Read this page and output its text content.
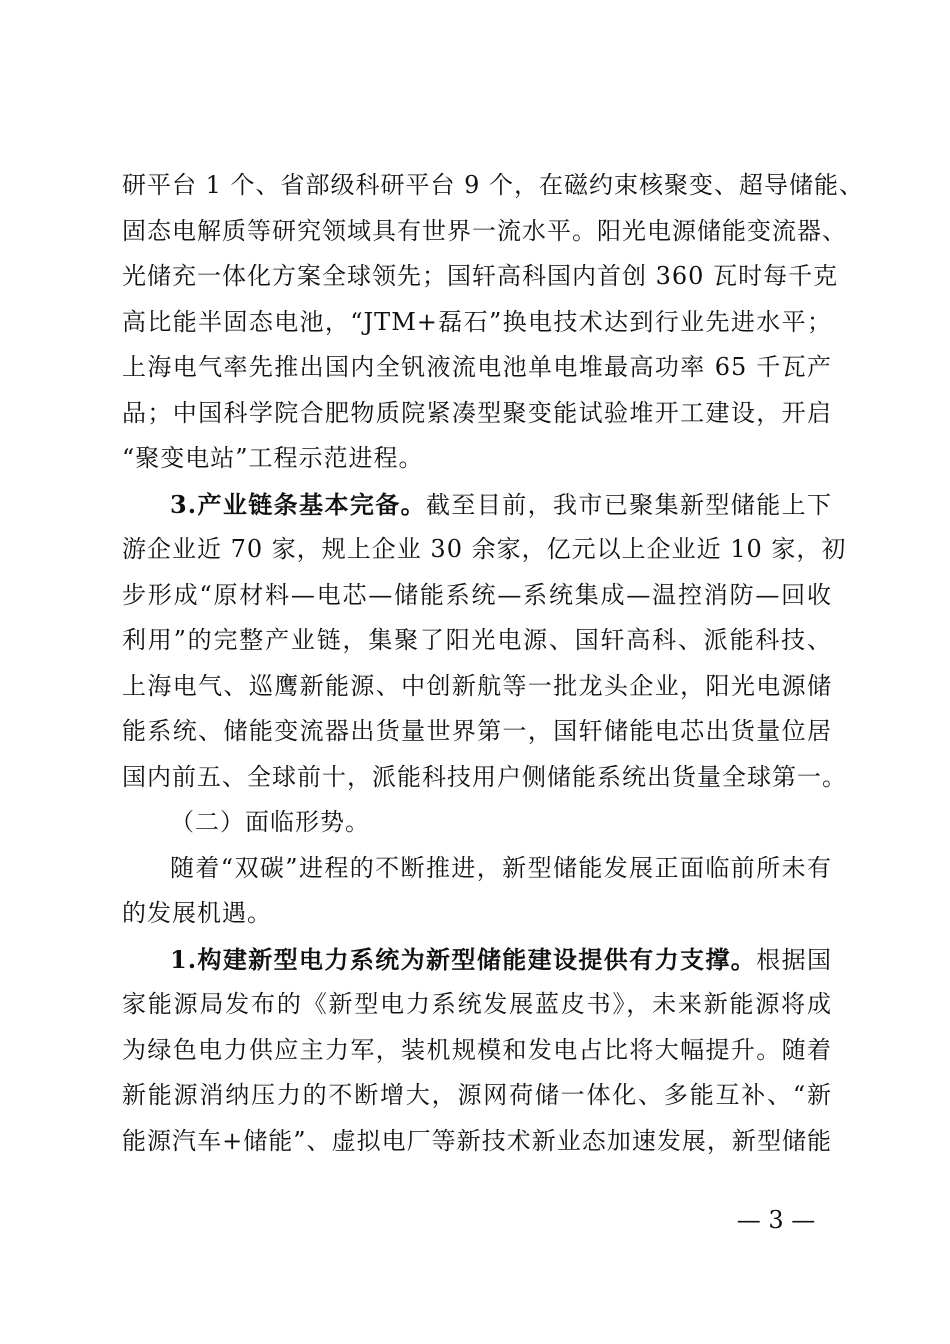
研平台 1 个、省部级科研平台 9 个，在磁约束核聚变、超导储能、
固态电解质等研究领域具有世界一流水平。阳光电源储能变流器、
光储充一体化方案全球领先；国轩高科国内首创 360 瓦时每千克
高比能半固态电池，“JTM+磊石”换电技术达到行业先进水平；
上海电气率先推出国内全钒液流电池单电堆最高功率 65 千瓦产
品；中国科学院合肥物质院紧凑型聚变能试验堆开工建设，开启
“聚变电站”工程示范进程。
3.产业链条基本完备。截至目前，我市已聚集新型储能上下
游企业近 70 家，规上企业 30 余家，亿元以上企业近 10 家，初
步形成“原材料—电芯—储能系统—系统集成—温控消防—回收
利用”的完整产业链，集聚了阳光电源、国轩高科、派能科技、
上海电气、巡鹰新能源、中创新航等一批龙头企业，阳光电源储
能系统、储能变流器出货量世界第一，国轩储能电芯出货量位居
国内前五、全球前十，派能科技用户侧储能系统出货量全球第一。
（二）面临形势。
随着“双碳”进程的不断推进，新型储能发展正面临前所未有
的发展机遇。
1.构建新型电力系统为新型储能建设提供有力支撑。根据国
家能源局发布的《新型电力系统发展蓝皮书》，未来新能源将成
为绿色电力供应主力军，装机规模和发电占比将大幅提升。随着
新能源消纳压力的不断增大，源网荷储一体化、多能互补、“新
能源汽车+储能”、虚拟电厂等新技术新业态加速发展，新型储能
— 3 —
